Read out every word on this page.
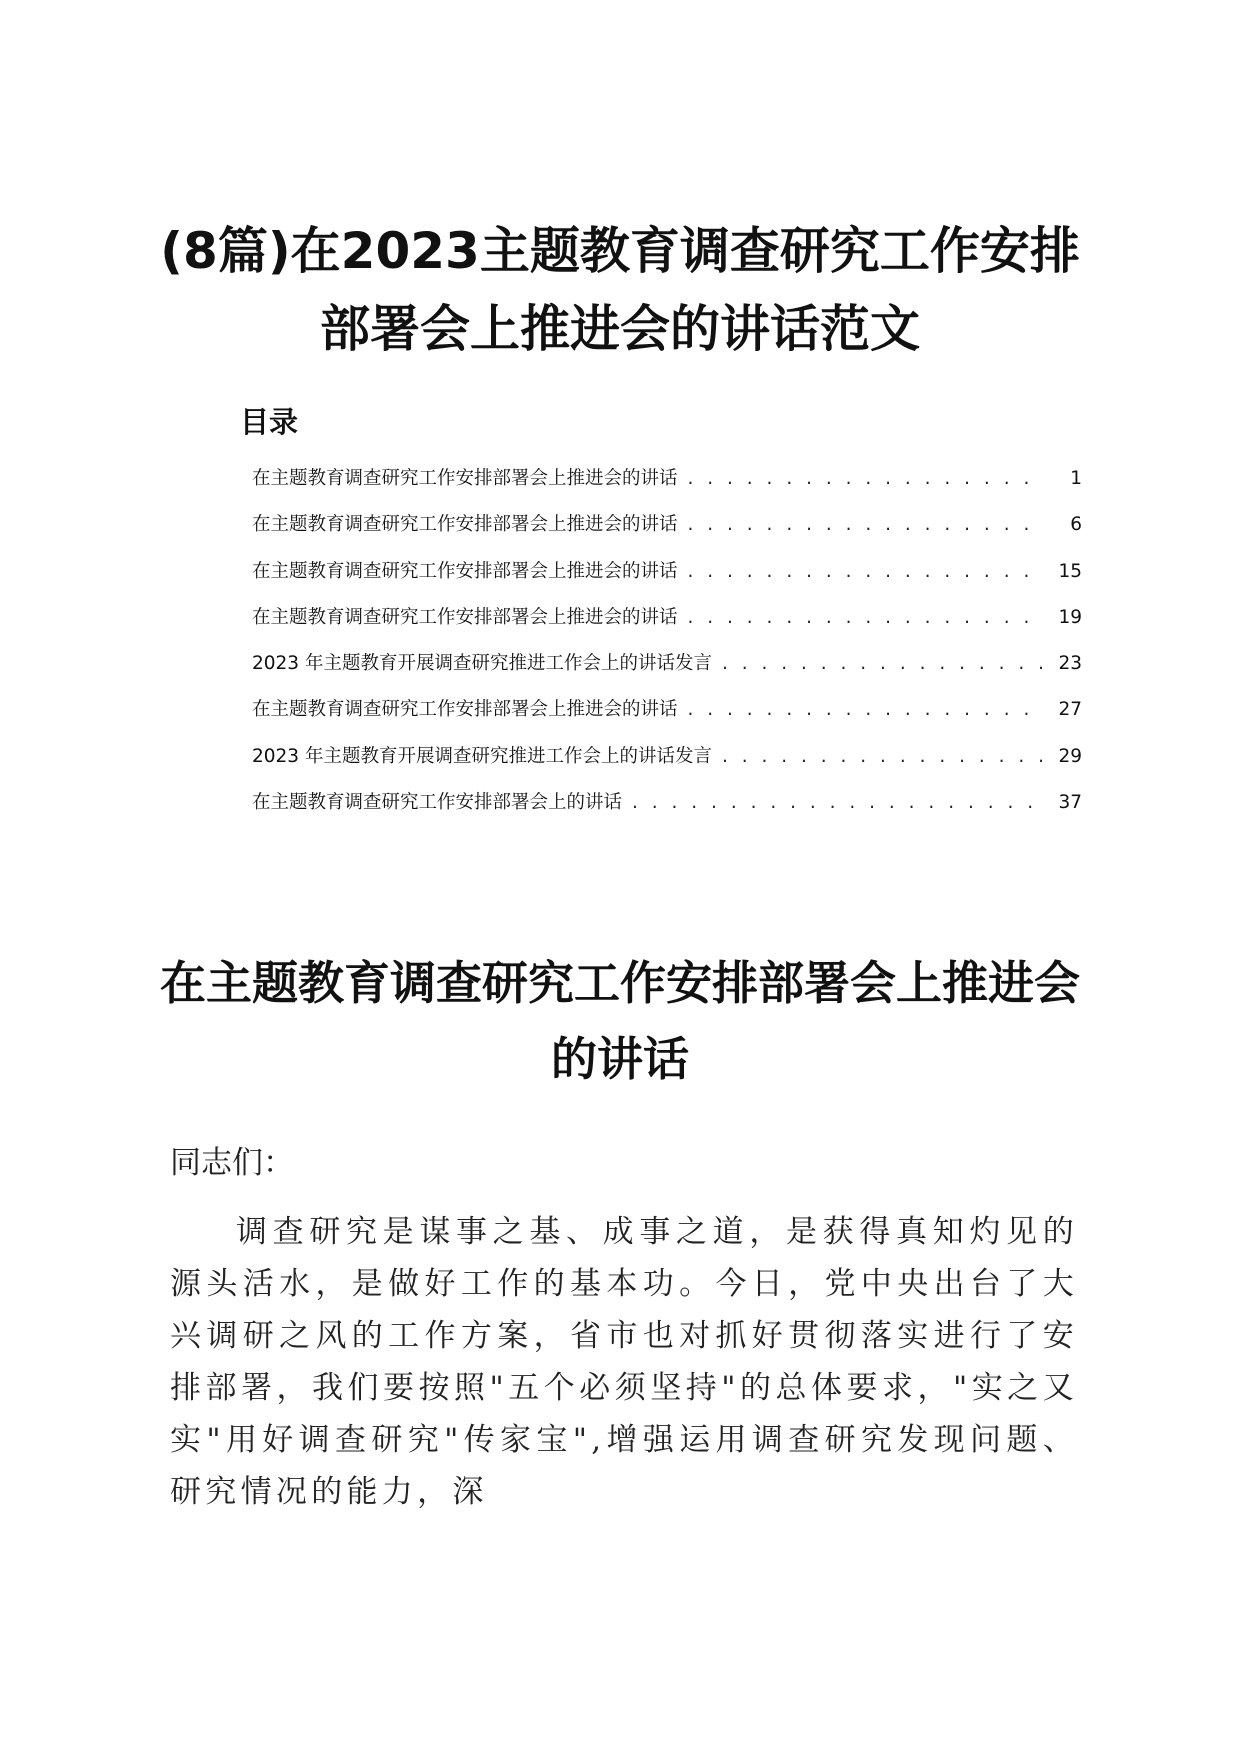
(8篇)在2023主题教育调查研究工作安排
部署会上推进会的讲话范文
目录
在主题教育调查研究工作安排部署会上推进会的讲话 . . .	1
在主题教育调查研究工作安排部署会上推进会的讲话 . . .	6
在主题教育调查研究工作安排部署会上推进会的讲话 . . .	15
在主题教育调查研究工作安排部署会上推进会的讲话 . . .	19
2023 年主题教育开展调查研究推进工作会上的讲话发言 . . .	23
在主题教育调查研究工作安排部署会上推进会的讲话 . . .	27
2023 年主题教育开展调查研究推进工作会上的讲话发言 . . .	29
在主题教育调查研究工作安排部署会上的讲话 . . .	37
在主题教育调查研究工作安排部署会上推进会
的讲话
同志们：

调查研究是谋事之基、成事之道，是获得真知灼见的源头活水，是做好工作的基本功。今日，党中央出台了大兴调研之风的工作方案，省市也对抓好贯彻落实进行了安排部署，我们要按照"五个必须坚持"的总体要求，"实之又实"用好调查研究"传家宝",增强运用调查研究发现问题、研究情况的能力，深
